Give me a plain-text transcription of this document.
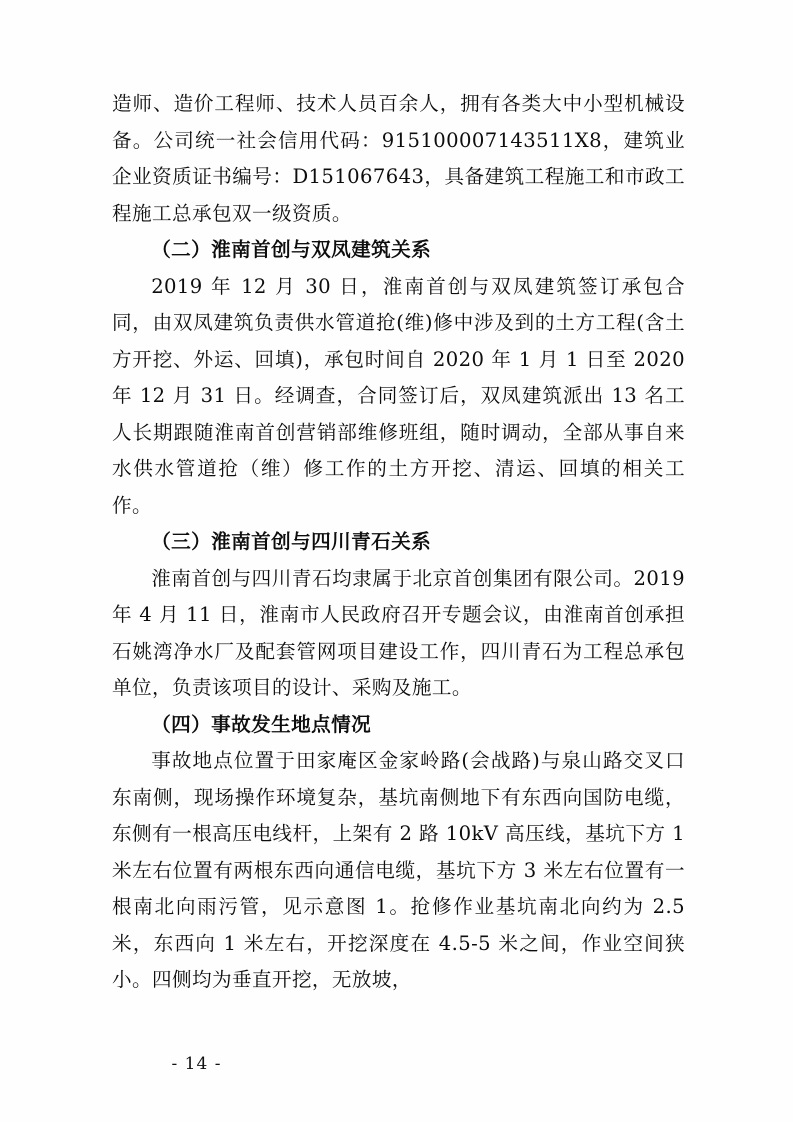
造师、造价工程师、技术人员百余人，拥有各类大中小型机械设备。公司统一社会信用代码：915100007143511X8，建筑业企业资质证书编号：D151067643，具备建筑工程施工和市政工程施工总承包双一级资质。

（二）淮南首创与双凤建筑关系

2019 年 12 月 30 日，淮南首创与双凤建筑签订承包合同，由双凤建筑负责供水管道抢(维)修中涉及到的土方工程(含土方开挖、外运、回填)，承包时间自 2020 年 1 月 1 日至 2020 年 12 月 31 日。经调查，合同签订后，双凤建筑派出 13 名工人长期跟随淮南首创营销部维修班组，随时调动，全部从事自来水供水管道抢（维）修工作的土方开挖、清运、回填的相关工作。

（三）淮南首创与四川青石关系

淮南首创与四川青石均隶属于北京首创集团有限公司。2019 年 4 月 11 日，淮南市人民政府召开专题会议，由淮南首创承担石姚湾净水厂及配套管网项目建设工作，四川青石为工程总承包单位，负责该项目的设计、采购及施工。

（四）事故发生地点情况

事故地点位置于田家庵区金家岭路(会战路)与泉山路交叉口东南侧，现场操作环境复杂，基坑南侧地下有东西向国防电缆，东侧有一根高压电线杆，上架有 2 路 10kV 高压线，基坑下方 1 米左右位置有两根东西向通信电缆，基坑下方 3 米左右位置有一根南北向雨污管，见示意图 1。抢修作业基坑南北向约为 2.5 米，东西向 1 米左右，开挖深度在 4.5-5 米之间，作业空间狭小。四侧均为垂直开挖，无放坡，

- 14 -
